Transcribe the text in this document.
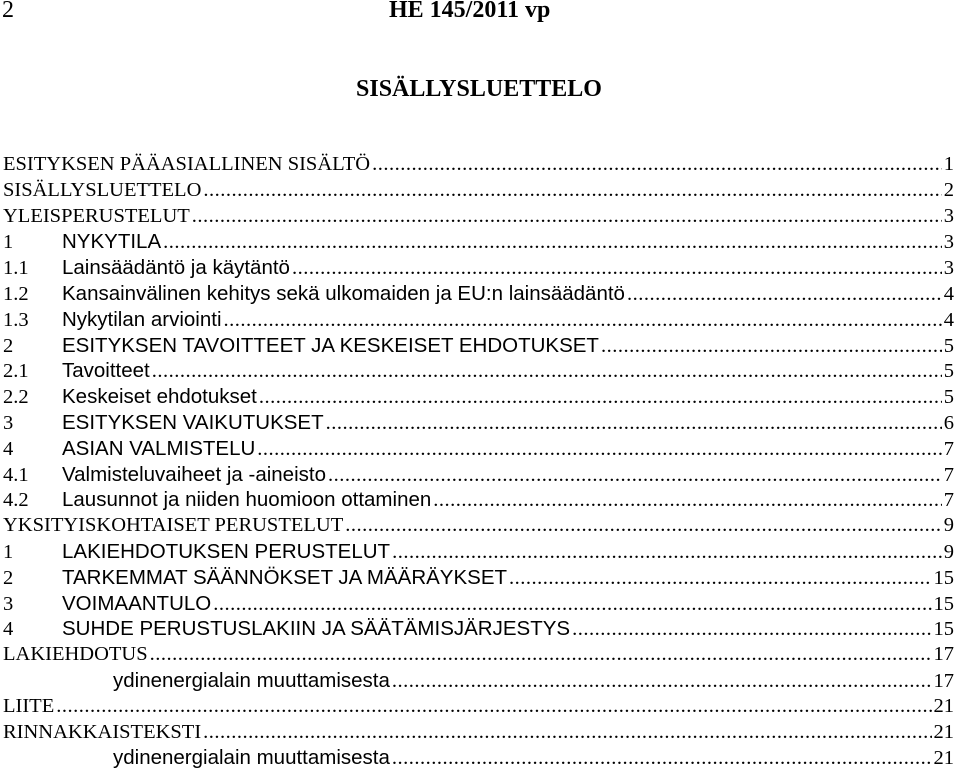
2	HE 145/2011 vp
SISÄLLYSLUETTELO
ESITYKSEN PÄÄASIALLINEN SISÄLTÖ .....	1
SISÄLLYSLUETTELO .....	2
YLEISPERUSTELUT .....	3
1	NYKYTILA .....	3
1.1	Lainsäädäntö ja käytäntö .....	3
1.2	Kansainvälinen kehitys sekä ulkomaiden ja EU:n lainsäädäntö .....	4
1.3	Nykytilan arviointi .....	4
2	ESITYKSEN TAVOITTEET JA KESKEISET EHDOTUKSET .....	5
2.1	Tavoitteet .....	5
2.2	Keskeiset ehdotukset .....	5
3	ESITYKSEN VAIKUTUKSET .....	6
4	ASIAN VALMISTELU .....	7
4.1	Valmisteluvaiheet ja -aineisto .....	7
4.2	Lausunnot ja niiden huomioon ottaminen .....	7
YKSITYISKOHTAISET PERUSTELUT .....	9
1	LAKIEHDOTUKSEN PERUSTELUT .....	9
2	TARKEMMAT SÄÄNNÖKSET JA MÄÄRÄYKSET .....	15
3	VOIMAANTULO .....	15
4	SUHDE PERUSTUSLAKIIN JA SÄÄTÄMISJÄRJESTYS .....	15
LAKIEHDOTUS .....	17
ydinenergialain muuttamisesta .....	17
LIITE .....	21
RINNAKKAISTEKSTI .....	21
ydinenergialain muuttamisesta .....	21
